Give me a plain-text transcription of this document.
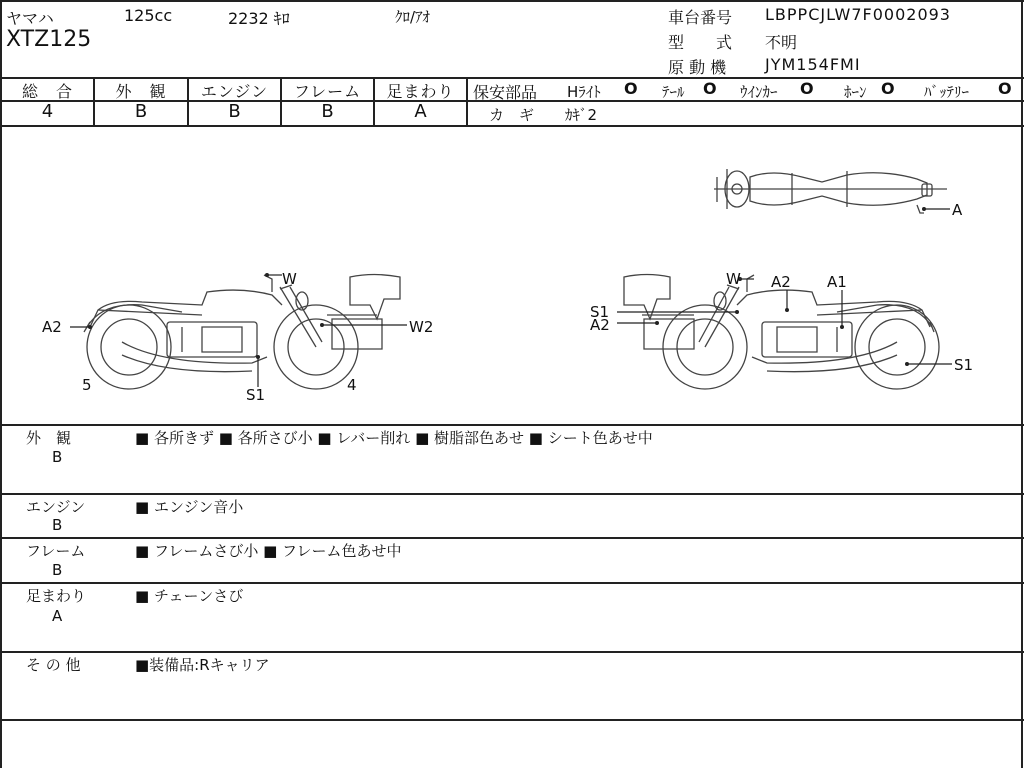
ヤマハ	125cc	2232 ｷﾛ	ｸﾛ/ｱｵ
XTZ125
車台番号 LBPPCJLW7F0002093
型　　式 不明
原 動 機 JYM154FMI
総　合	外　観	エンジン	フレーム	足まわり
4	B	B	B	A
保安部品 Hﾗｲﾄ O ﾃｰﾙ O ｳｲﾝｶｰ O ﾎｰﾝ O ﾊﾞｯﾃﾘｰ O
カ　ギ ｶｷﾞ2
W
A2	W2
S1
5	4
W A2 A1
S1
A2
S1
A
外　観
B
■ 各所きず ■ 各所さび小 ■ レバー削れ ■ 樹脂部色あせ ■ シート色あせ中
エンジン
B
■ エンジン音小
フレーム
B
■ フレームさび小 ■ フレーム色あせ中
足まわり
A
■ チェーンさび
そ の 他	■装備品:Rキャリア
